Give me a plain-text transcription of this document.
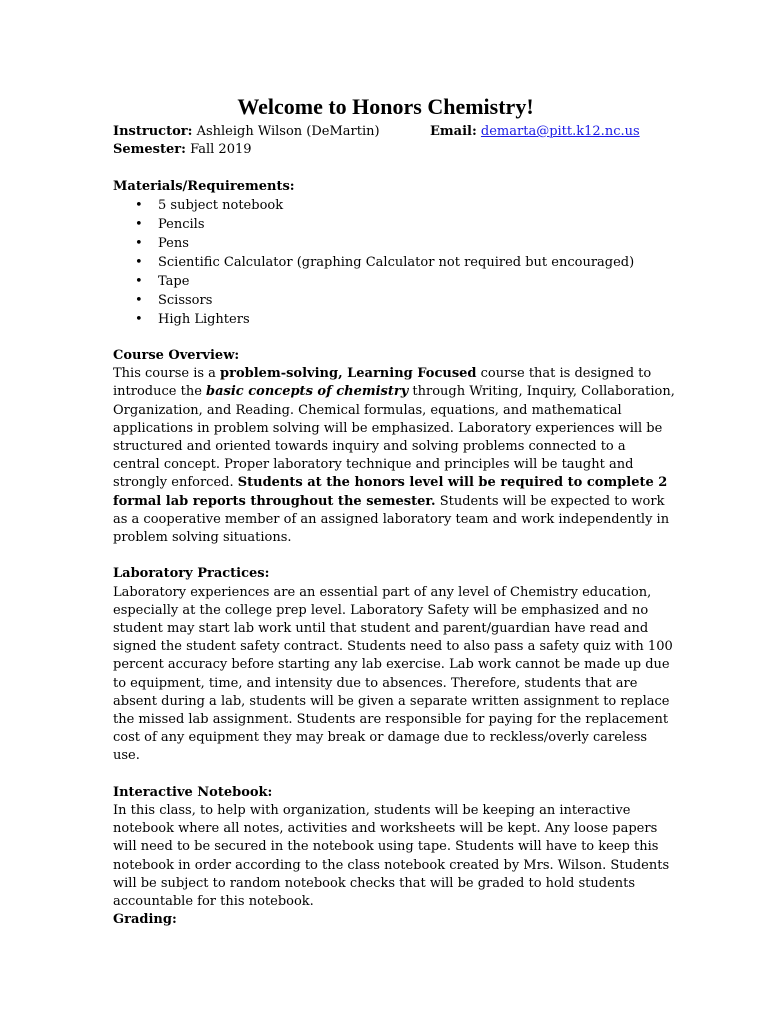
Welcome to Honors Chemistry!
Instructor: Ashleigh Wilson (DeMartin)	Email: demarta@pitt.k12.nc.us
Semester: Fall 2019
Materials/Requirements:
• 5 subject notebook
• Pencils
• Pens
• Scientific Calculator (graphing Calculator not required but encouraged)
• Tape
• Scissors
• High Lighters
Course Overview:
This course is a problem-solving, Learning Focused course that is designed to
introduce the basic concepts of chemistry through Writing, Inquiry, Collaboration,
Organization, and Reading. Chemical formulas, equations, and mathematical
applications in problem solving will be emphasized. Laboratory experiences will be
structured and oriented towards inquiry and solving problems connected to a
central concept. Proper laboratory technique and principles will be taught and
strongly enforced. Students at the honors level will be required to complete 2
formal lab reports throughout the semester. Students will be expected to work
as a cooperative member of an assigned laboratory team and work independently in
problem solving situations.
Laboratory Practices:
Laboratory experiences are an essential part of any level of Chemistry education,
especially at the college prep level. Laboratory Safety will be emphasized and no
student may start lab work until that student and parent/guardian have read and
signed the student safety contract. Students need to also pass a safety quiz with 100
percent accuracy before starting any lab exercise. Lab work cannot be made up due
to equipment, time, and intensity due to absences. Therefore, students that are
absent during a lab, students will be given a separate written assignment to replace
the missed lab assignment. Students are responsible for paying for the replacement
cost of any equipment they may break or damage due to reckless/overly careless
use.
Interactive Notebook:
In this class, to help with organization, students will be keeping an interactive
notebook where all notes, activities and worksheets will be kept. Any loose papers
will need to be secured in the notebook using tape. Students will have to keep this
notebook in order according to the class notebook created by Mrs. Wilson. Students
will be subject to random notebook checks that will be graded to hold students
accountable for this notebook.
Grading:
